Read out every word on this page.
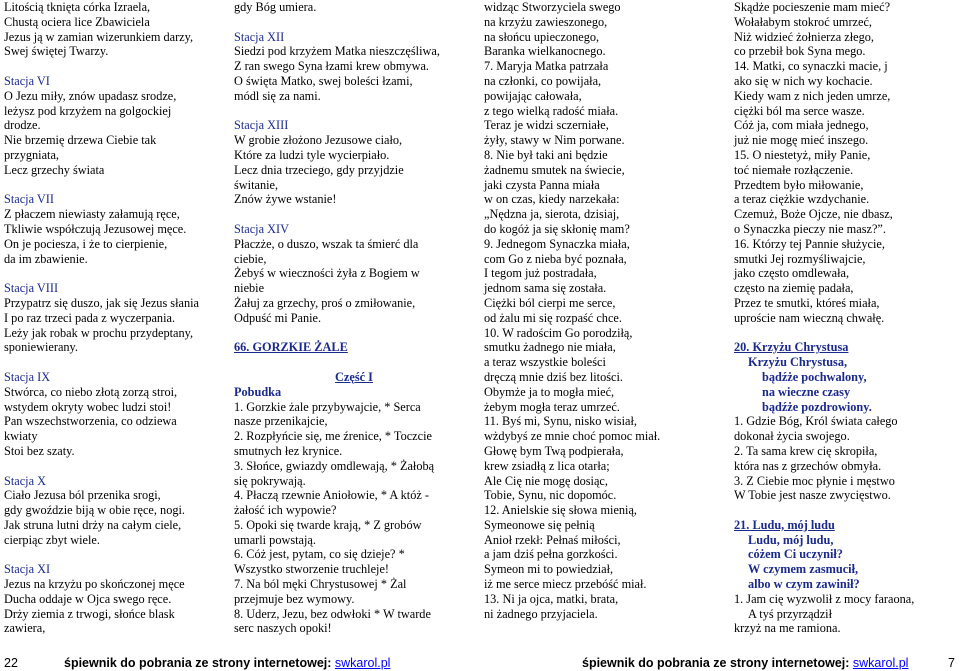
Litością tknięta córka Izraela,

Chustą ociera lice Zbawiciela

Jezus ją w zamian wizerunkiem darzy,

Swej świętej Twarzy.

Stacja VI

O Jezu miły, znów upadasz srodze,

leżysz pod krzyżem na golgockiej

drodze.

Nie brzemię drzewa Ciebie tak

przygniata,

Lecz grzechy świata

Stacja VII

Z płaczem niewiasty załamują ręce,

Tkliwie współczują Jezusowej męce.

On je pociesza, i że to cierpienie,

da im zbawienie.

Stacja VIII

Przypatrz się duszo, jak się Jezus słania

I po raz trzeci pada z wyczerpania.

Leży jak robak w prochu przydeptany,

sponiewierany.

Stacja IX

Stwórca, co niebo złotą zorzą stroi,

wstydem okryty wobec ludzi stoi!

Pan wszechstworzenia, co odziewa

kwiaty

Stoi bez szaty.

Stacja X

Ciało Jezusa ból przenika srogi,

gdy gwoździe biją w obie ręce, nogi.

Jak struna lutni drży na całym ciele,

cierpiąc zbyt wiele.

Stacja XI

Jezus na krzyżu po skończonej męce

Ducha oddaje w Ojca swego ręce.

Drży ziemia z trwogi, słońce blask

zawiera,

gdy Bóg umiera.

Stacja XII

Siedzi pod krzyżem Matka nieszczęśliwa,

Z ran swego Syna łzami krew obmywa.

O święta Matko, swej boleści łzami,

módl się za nami.

Stacja XIII

W grobie złożono Jezusowe ciało,

Które za ludzi tyle wycierpiało.

Lecz dnia trzeciego, gdy przyjdzie

świtanie,

Znów żywe wstanie!

Stacja XIV

Płaczże, o duszo, wszak ta śmierć dla

ciebie,

Żebyś w wieczności żyła z Bogiem w

niebie

Żałuj za grzechy, proś o zmiłowanie,

Odpuść mi Panie.

66. GORZKIE ŻALE

Część I

Pobudka

1. Gorzkie żale przybywajcie, * Serca

nasze przenikajcie,

2. Rozpłyńcie się, me źrenice, * Toczcie

smutnych łez krynice.

3. Słońce, gwiazdy omdlewają, * Żałobą

się pokrywają.

4. Płaczą rzewnie Aniołowie, * A któż -

żałość ich wypowie?

5. Opoki się twarde krają, * Z grobów

umarli powstają.

6. Cóż jest, pytam, co się dzieje? *

Wszystko stworzenie truchleje!

7. Na ból męki Chrystusowej * Żal

przejmuje bez wymowy.

8. Uderz, Jezu, bez odwłoki * W twarde

serc naszych opoki!

widząc Stworzyciela swego

na krzyżu zawieszonego,

na słońcu upieczonego,

Baranka wielkanocnego.

7. Maryja Matka patrzała

na członki, co powijała,

powijając całowała,

z tego wielką radość miała.

Teraz je widzi sczerniałe,

żyły, stawy w Nim porwane.

8. Nie był taki ani będzie

żadnemu smutek na świecie,

jaki czysta Panna miała

w on czas, kiedy narzekała:

„Nędzna ja, sierota, dzisiaj,

do kogóż ja się skłonię mam?

9. Jednegom Synaczka miała,

com Go z nieba być poznała,

I tegom już postradała,

jednom sama się została.

Ciężki ból cierpi me serce,

od żalu mi się rozpaść chce.

10. W radościm Go porodziłą,

smutku żadnego nie miała,

a teraz wszystkie boleści

dręczą mnie dziś bez litości.

Obymże ja to mogła mieć,

żebym mogła teraz umrzeć.

11. Byś mi, Synu, nisko wisiał,

wżdybyś ze mnie choć pomoc miał.

Głowę bym Twą podpierała,

krew zsiadłą z lica otarła;

Ale Cię nie mogę dosiąc,

Tobie, Synu, nic dopomóc.

12. Anielskie się słowa mienią,

Symeonowe się pełnią

Anioł rzekł: Pełnaś miłości,

a jam dziś pełna gorzkości.

Symeon mi to powiedział,

iż me serce miecz przebóść miał.

13. Ni ja ojca, matki, brata,

ni żadnego przyjaciela.

Skądże pocieszenie mam mieć?

Wołałabym stokroć umrzeć,

Niż widzieć żołnierza złego,

co przebił bok Syna mego.

14. Matki, co synaczki macie, j

ako się w nich wy kochacie.

Kiedy wam z nich jeden umrze,

ciężki ból ma serce wasze.

Cóż ja, com miała jednego,

już nie mogę mieć inszego.

15. O niestetyż, miły Panie,

toć niemałe rozłączenie.

Przedtem było miłowanie,

a teraz ciężkie wzdychanie.

Czemuż, Boże Ojcze, nie dbasz,

o Synaczka pieczy nie masz?”.

16. Którzy tej Pannie służycie,

smutki Jej rozmyśliwajcie,

jako często omdlewała,

często na ziemię padała,

Przez te smutki, któreś miała,

uproście nam wieczną chwałę.

20. Krzyżu Chrystusa

Krzyżu Chrystusa,

bądźże pochwalony,

na wieczne czasy

bądźże pozdrowiony.

1. Gdzie Bóg, Król świata całego

dokonał życia swojego.

2. Ta sama krew cię skropiła,

która nas z grzechów obmyła.

3. Z Ciebie moc płynie i męstwo

W Tobie jest nasze zwycięstwo.

21. Ludu, mój ludu

Ludu, mój ludu,

cóżem Ci uczynił?

W czymem zasmucił,

albo w czym zawinił?

1. Jam cię wyzwolił z mocy faraona,

A tyś przyrządził

krzyż na me ramiona.

22	śpiewnik do pobrania ze strony internetowej: swkarol.pl	śpiewnik do pobrania ze strony internetowej: swkarol.pl	7
